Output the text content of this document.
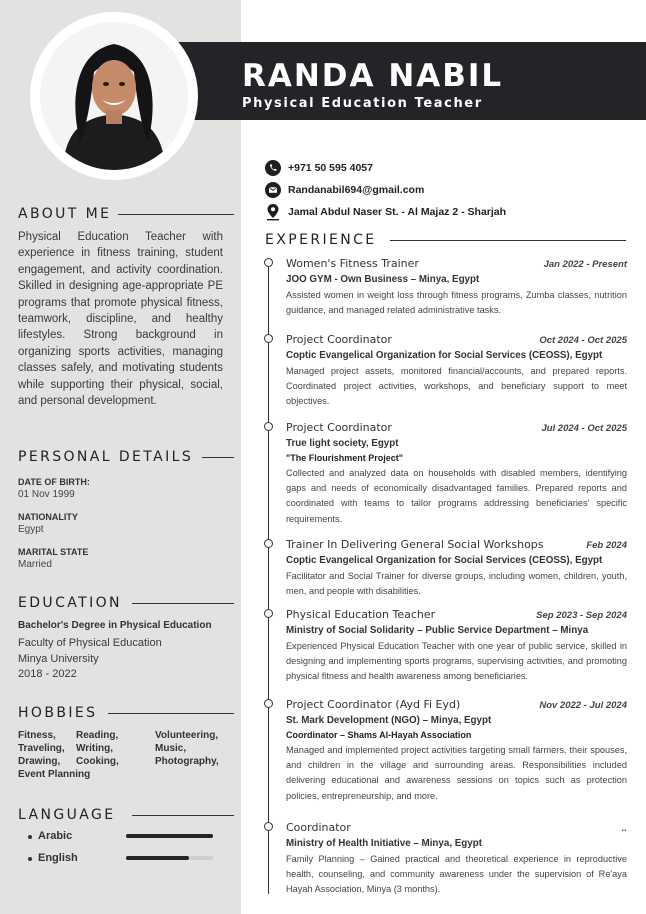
RANDA NABIL
Physical Education Teacher
+971 50 595 4057
Randanabil694@gmail.com
Jamal Abdul Naser St. - Al Majaz 2 - Sharjah
ABOUT ME
Physical Education Teacher with experience in fitness training, student engagement, and activity coordination. Skilled in designing age-appropriate PE programs that promote physical fitness, teamwork, discipline, and healthy lifestyles. Strong background in organizing sports activities, managing classes safely, and motivating students while supporting their physical, social, and personal development.
PERSONAL DETAILS
DATE OF BIRTH:
01 Nov 1999
NATIONALITY
Egypt
MARITAL STATE
Married
EDUCATION
Bachelor's Degree in Physical Education
Faculty of Physical Education
Minya University
2018 - 2022
HOBBIES
Fitness,
Traveling,
Drawing,
Event Planning
Reading,
Writing,
Cooking,
Volunteering,
Music,
Photography,
LANGUAGE
Arabic
English
EXPERIENCE
Women's Fitness Trainer	Jan 2022 - Present
JOO GYM - Own Business – Minya, Egypt
Assisted women in weight loss through fitness programs, Zumba classes, nutrition guidance, and managed related administrative tasks.
Project Coordinator	Oct 2024 - Oct 2025
Coptic Evangelical Organization for Social Services (CEOSS), Egypt
Managed project assets, monitored financial/accounts, and prepared reports. Coordinated project activities, workshops, and beneficiary support to meet objectives.
Project Coordinator	Jul 2024 - Oct 2025
True light society, Egypt
"The Flourishment Project"
Collected and analyzed data on households with disabled members, identifying gaps and needs of economically disadvantaged families. Prepared reports and coordinated with teams to tailor programs addressing beneficiaries' specific requirements.
Trainer In Delivering General Social Workshops	Feb 2024
Coptic Evangelical Organization for Social Services (CEOSS), Egypt
Facilitator and Social Trainer for diverse groups, including women, children, youth, men, and people with disabilities.
Physical Education Teacher	Sep 2023 - Sep 2024
Ministry of Social Solidarity – Public Service Department – Minya
Experienced Physical Education Teacher with one year of public service, skilled in designing and implementing sports programs, supervising activities, and promoting physical fitness and health awareness among beneficiaries.
Project Coordinator (Ayd Fi Eyd)	Nov 2022 - Jul 2024
St. Mark Development (NGO) – Minya, Egypt
Coordinator – Shams Al-Hayah Association
Managed and implemented project activities targeting small farmers, their spouses, and children in the village and surrounding areas. Responsibilities included delivering educational and awareness sessions on topics such as protection policies, entrepreneurship, and more.
Coordinator	..
Ministry of Health Initiative – Minya, Egypt
Family Planning – Gained practical and theoretical experience in reproductive health, counseling, and community awareness under the supervision of Re'aya Hayah Association, Minya (3 months).
